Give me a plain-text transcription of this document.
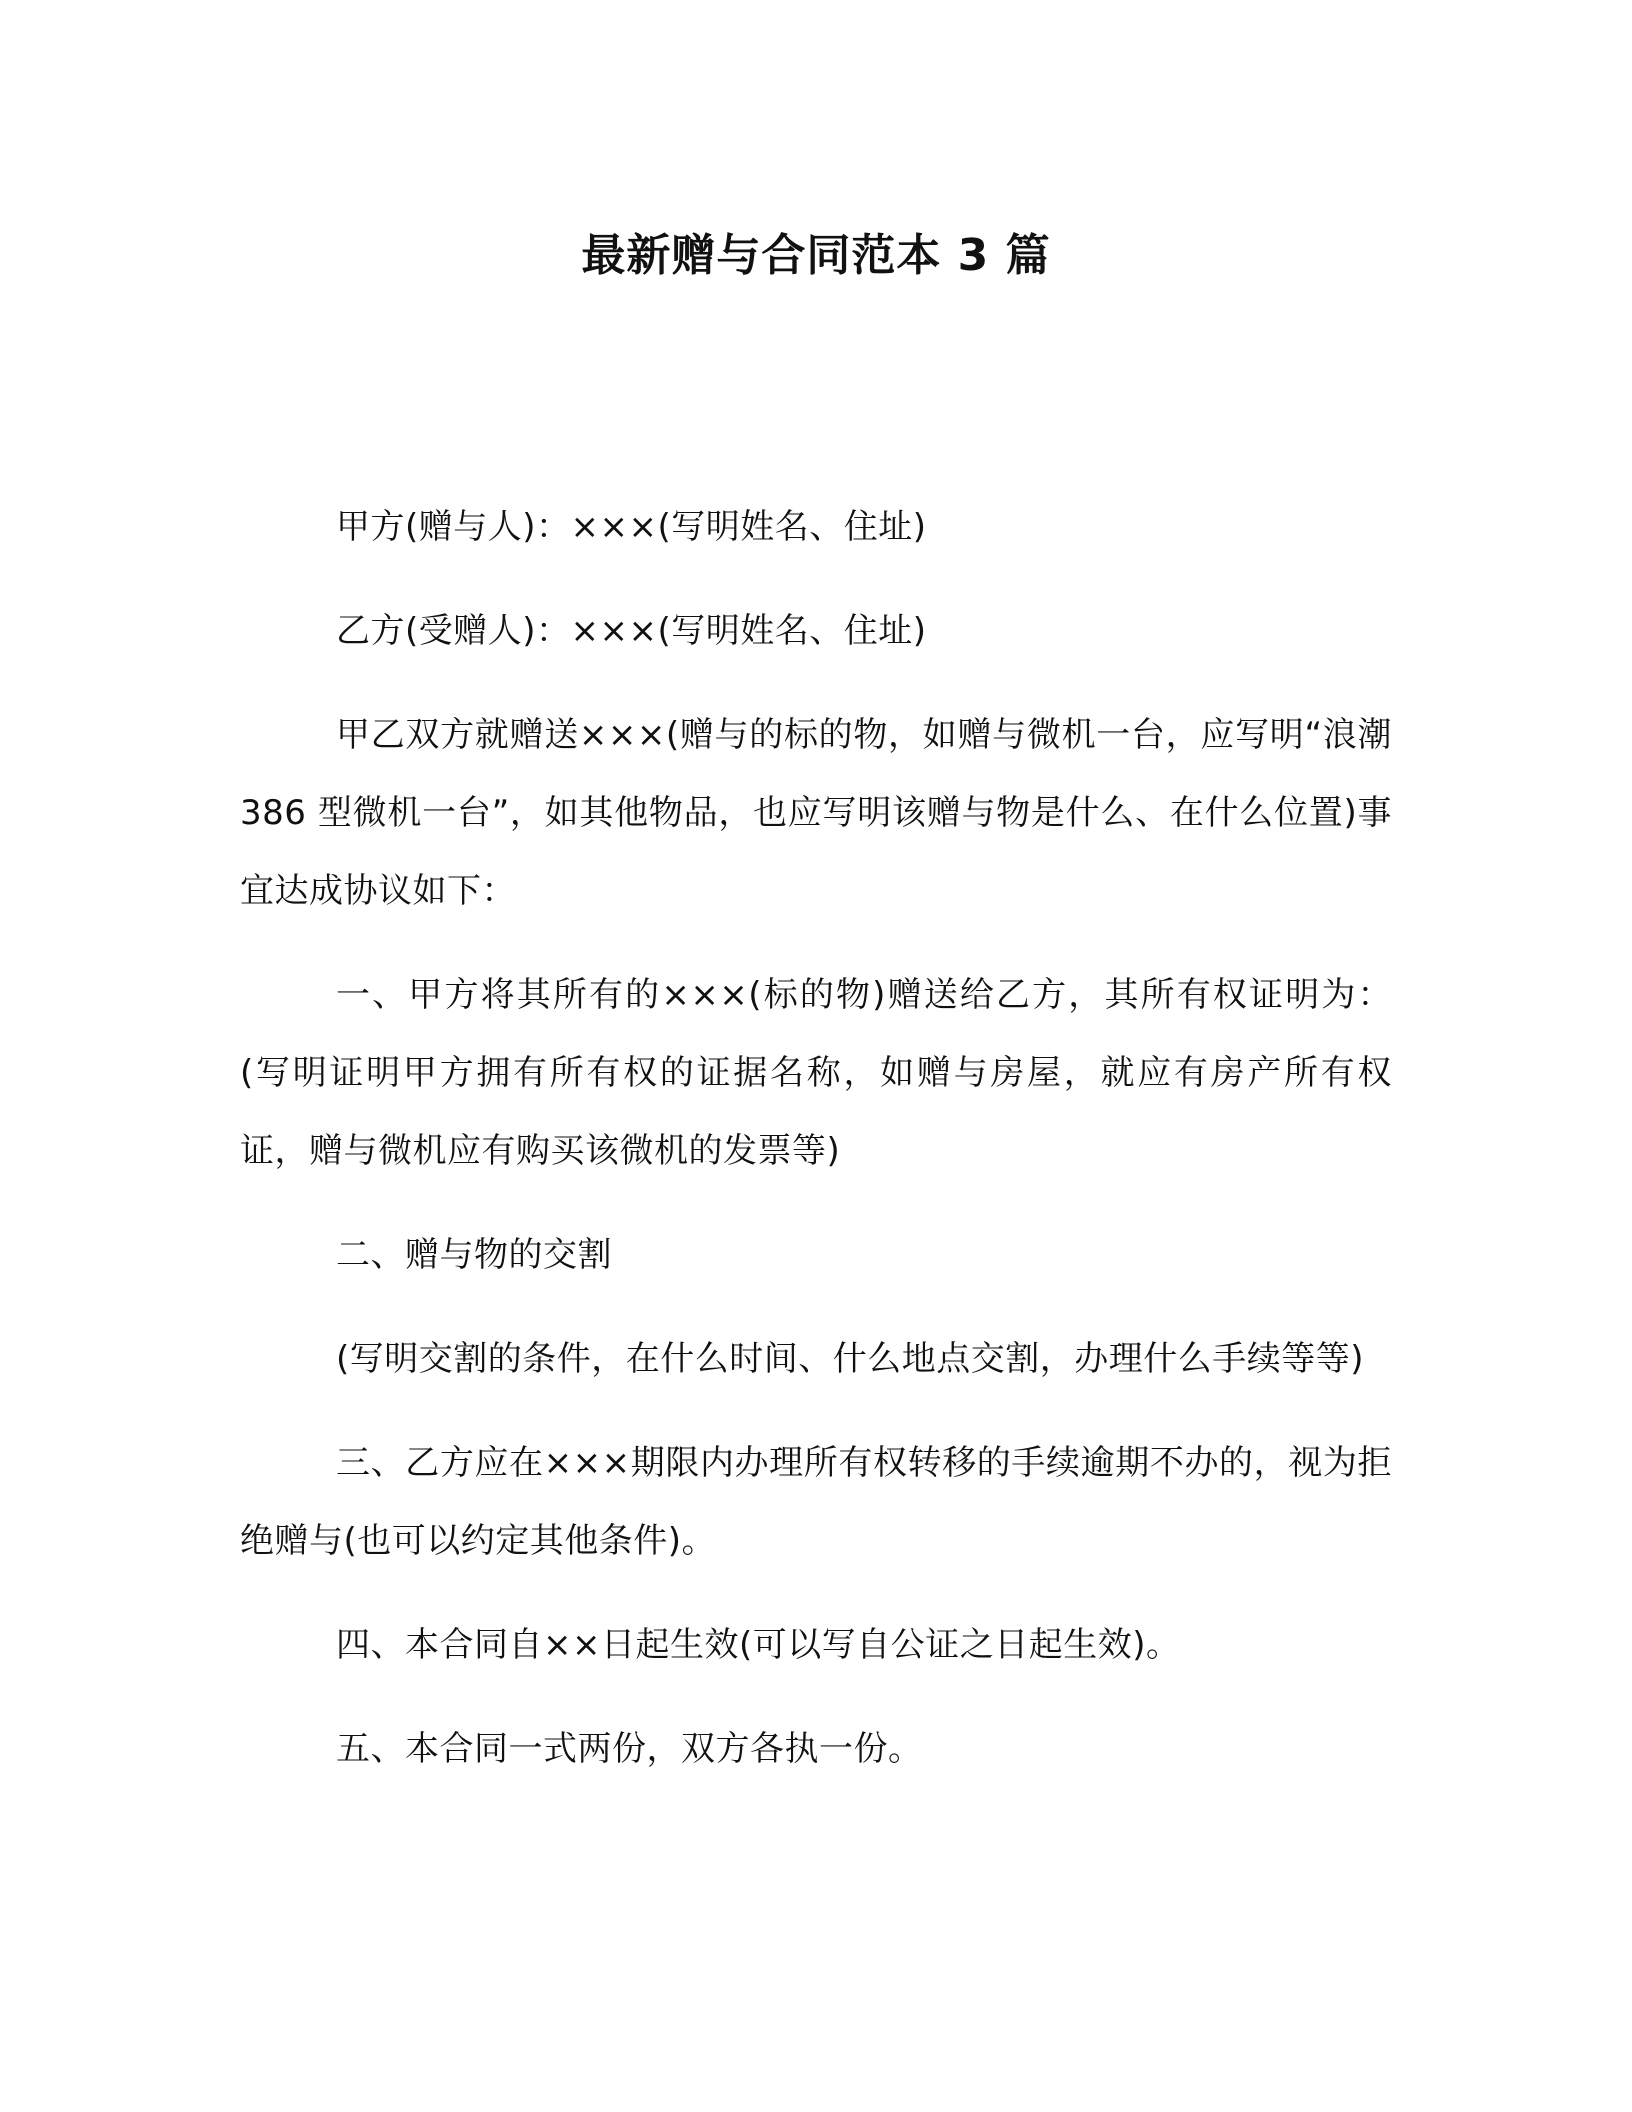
最新赠与合同范本 3 篇

甲方(赠与人)：×××(写明姓名、住址)

乙方(受赠人)：×××(写明姓名、住址)

甲乙双方就赠送×××(赠与的标的物，如赠与微机一台，应写明“浪潮 386 型微机一台”，如其他物品，也应写明该赠与物是什么、在什么位置)事宜达成协议如下：

一、甲方将其所有的×××(标的物)赠送给乙方，其所有权证明为：(写明证明甲方拥有所有权的证据名称，如赠与房屋，就应有房产所有权证，赠与微机应有购买该微机的发票等)

二、赠与物的交割

(写明交割的条件，在什么时间、什么地点交割，办理什么手续等等)

三、乙方应在×××期限内办理所有权转移的手续逾期不办的，视为拒绝赠与(也可以约定其他条件)。

四、本合同自××日起生效(可以写自公证之日起生效)。

五、本合同一式两份，双方各执一份。
